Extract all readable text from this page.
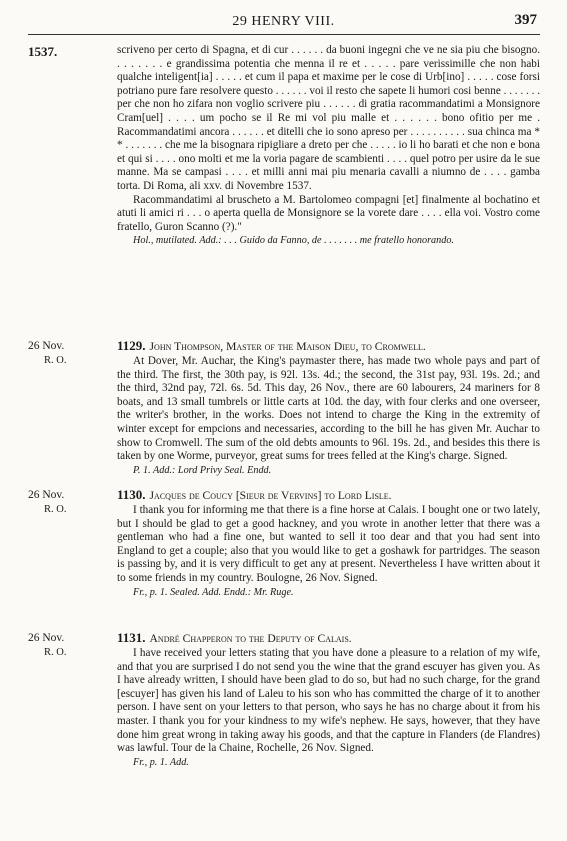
29 HENRY VIII.	397
1537.	scriveno per certo di Spagna, et di cur . . . . . . da buoni ingegni che ve ne sia piu che bisogno. . . . . . . . e grandissima potentia che menna il re et . . . . . pare verissimille che non habi qualche inteligent[ia] . . . . . et cum il papa et maxime per le cose di Urb[ino] . . . . . cose forsi potriano pure fare resolvere questo . . . . . . voi il resto che sapete li humori cosi benne . . . . . . . per che non ho zifara non voglio scrivere piu . . . . . . di gratia racommandatimi a Monsignore Cram[uel] . . . . um pocho se il Re mi vol piu malle et . . . . . . bono ofitio per me . Racommandatimi ancora . . . . . . et ditelli che io sono apreso per . . . . . . . . . . sua chinca ma * * . . . . . . . che me la bisognara ripigliare a dreto per che . . . . . io li ho barati et che non e bona et qui si . . . . ono molti et me la voria pagare de scambienti . . . . quel potro per usire da le sue manne. Ma se campasi . . . . et milli anni mai piu menaria cavalli a niumno de . . . . gamba torta. Di Roma, ali xxv. di Novembre 1537.

Racommandatimi al bruscheto a M. Bartolomeo compagni [et] finalmente al bochatino et atuti li amici ri . . . o aperta quella de Monsignore se la vorete dare . . . . ella voi. Vostro come fratello, Guron Scanno (?)."

Hol., mutilated. Add.: . . . Guido da Fanno, de . . . . . . . me fratello honorando.

26 Nov.
R. O.
1129. John Thompson, Master of the Maison Dieu, to Cromwell.

At Dover, Mr. Auchar, the King's paymaster there, has made two whole pays and part of the third. The first, the 30th pay, is 92l. 13s. 4d.; the second, the 31st pay, 93l. 19s. 2d.; and the third, 32nd pay, 72l. 6s. 5d. This day, 26 Nov., there are 60 labourers, 24 mariners for 8 boats, and 13 small tumbrels or little carts at 10d. the day, with four clerks and one overseer, the writer's brother, in the works. Does not intend to charge the King in the extremity of winter except for empcions and necessaries, according to the bill he has given Mr. Auchar to show to Cromwell. The sum of the old debts amounts to 96l. 19s. 2d., and besides this there is taken by one Worme, purveyor, great sums for trees felled at the King's charge. Signed.

P. 1. Add.: Lord Privy Seal. Endd.

26 Nov.
R. O.
1130. Jacques de Coucy [Sieur de Vervins] to Lord Lisle.

I thank you for informing me that there is a fine horse at Calais. I bought one or two lately, but I should be glad to get a good hackney, and you wrote in another letter that there was a gentleman who had a fine one, but wanted to sell it too dear and that you had sent into England to get a couple; also that you would like to get a goshawk for partridges. The season is passing by, and it is very difficult to get any at present. Nevertheless I have written about it to some friends in my country. Boulogne, 26 Nov. Signed.

Fr., p. 1. Sealed. Add. Endd.: Mr. Ruge.

26 Nov.
R. O.
1131. André Chapperon to the Deputy of Calais.

I have received your letters stating that you have done a pleasure to a relation of my wife, and that you are surprised I do not send you the wine that the grand escuyer has given you. As I have already written, I should have been glad to do so, but had no such charge, for the grand [escuyer] has given his land of Laleu to his son who has committed the charge of it to another person. I have sent on your letters to that person, who says he has no charge about it from his master. I thank you for your kindness to my wife's nephew. He says, however, that they have done him great wrong in taking away his goods, and that the capture in Flanders (de Flandres) was lawful. Tour de la Chaine, Rochelle, 26 Nov. Signed.

Fr., p. 1. Add.
